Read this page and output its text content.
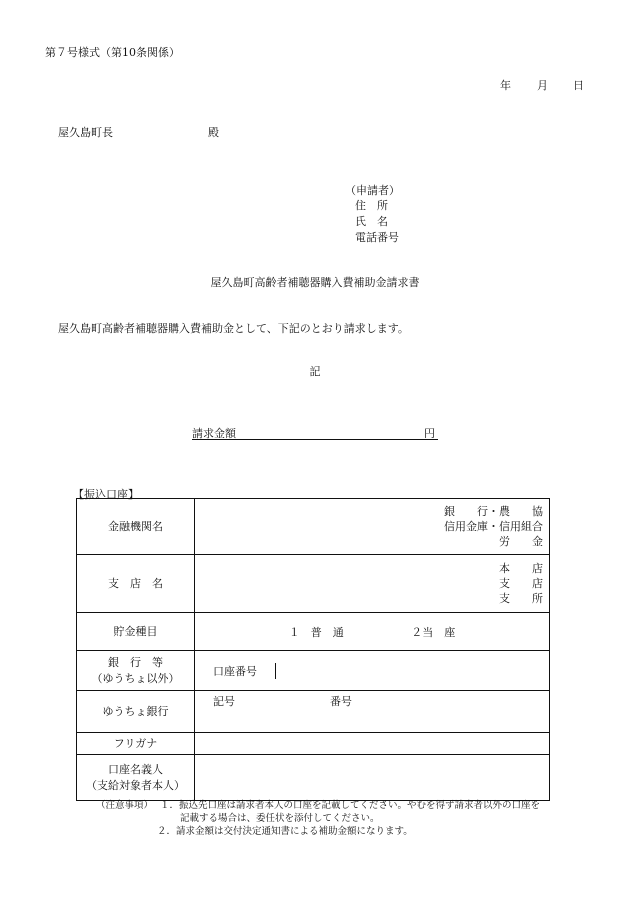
第７号様式（第10条関係）
年 月 日
屋久島町長	殿
（申請者）
住　所
氏　名
電話番号
屋久島町高齢者補聴器購入費補助金請求書
屋久島町高齢者補聴器購入費補助金として、下記のとおり請求します。
記
請求金額	円
【振込口座】
金融機関名	
銀　　行・農　　協
信用金庫・信用組合
労　　金

支　店　名	
本　　店
支　　店
支　　所

貯金種目	１　普　通	２当　座

銀　行　等
（ゆうちょ以外）

口座番号	

ゆうちょ銀行	
記号	番号

フリガナ	

口座名義人
（支給対象者本人）

（注意事項） １．振込先口座は請求者本人の口座を記載してください。やむを得ず請求者以外の口座を
記載する場合は、委任状を添付してください。
２．請求金額は交付決定通知書による補助金額になります。
